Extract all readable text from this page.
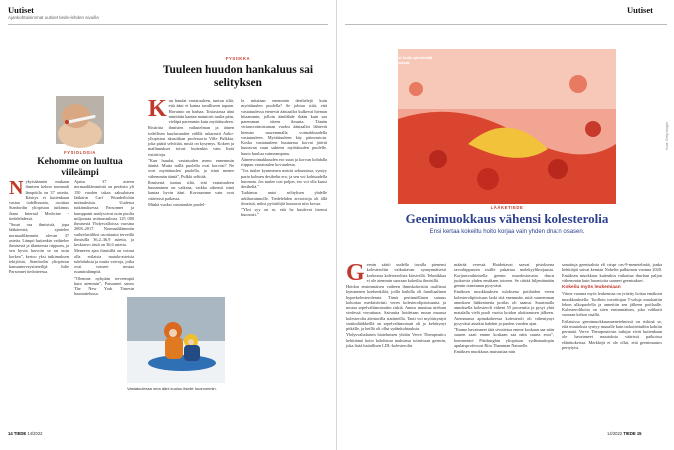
Uutiset
Ajankohtaisimmat uutiset tiede-lehden sivuilla
FYSIOLOGIA
Kehomme on luultua viileämpi
N ykyisäännön mukaan ihmisen kehon normaali lämpötila on 37 astetta. Käsitys ei kuitenkaan vastaa todellisuutta, osoittaa Stanfordin yliopiston tutkimus Jama Internal Medicine -tiedelehdessä.

”Suuri osa ihmisistä, jopa lääkäreistä, ajattelee normaalilämmön olevan 37 astetta. Lämpö kuitenkin vaihtelee ihmisestä ja tilanteesta riippuen, ja sen hyvin harvoin se on noin korkea”, kertoo yksi tutkimuksen tekijöistä, Stanfordin yliopiston kansanterveystieteilijä Julie Parsonnet tiedotteessa.

Ajatus 37 asteen normaalilämmöstä on peräisin yli 150 vuoden takaa saksalaisen lääkärin Carl Wunderlichin mittauksista. Uudessa tutkimuksessa Parsonnet ja kumppanit analysoivat noin puolta miljoonaa mittaustulosta 125 000 ihmisestä Yhdysvalloissa vuosina 2008–2017. Normaalilämmön vaihteluväliksi osoittautui terveillä ihmisillä 36,2–36,9 astetta, ja keskiarvo tästä on 36,6 astetta.

Meneeen ajan ihmisillä on voinut olla erilaisia matala-asteisia tulehduksia ja muita vaivoja, jotka ovat voineet nostaa ruumiinlämpöä.

”Olemme nykyään terveempiä kuin aiemmin”, Parsonnet sanoo The New York Timesin haastattelussa.

FYSIIKKA
Tuuleen huudon hankaluus sai selityksen
K un huudat vastatuuleen, tuntuu siltä, että ääni ei kanna tavalliseen tapaan. Havainto on harhaa. Tosiasiassa ääni nimittäin kantaa mainiosti tuulta päin, vieläpä paremmin kuin myötätuuleen.

Ristiriita ihmisten vaikutelman ja äänen todellisen kuuluvuuden välillä askarrutti Aalto-yliopiston akustiikan professoria Ville Pulkkia, joka päätti selvittää, mistä on kysymys. Kokeet ja mallinnukset toivat kuitenkin vain lisää ristiriitoja.

”Kun huudat, vastatuulen meno ennemmin äänitä. Mutta millä puolella ovat korvasi? Ne ovat myötätuulen puolella, ja siinä menee vähemmän ääntä”, Pulkki selittää.

Ihmisestä tuntuu siltä, että vastatuuleen huutaminen on vaikeaa, vaikka oikeasti siinä kantaa hyvin ääni. Korvaamme vain ovat vääriessä paikassa.

Minkä vuoksi vastatuulen puolel-

la mitataan enemmän desibelejä kuin myötätuulen puolella? Se johtuu siitä, että vastatuulessa etenevät ääniaallot kulkevat hieman hitaammin, jolloin äänilähde ikään kuin saa paremman otteen ilmasta. Tämän virtausvoimistuman vuoksi ääniaallot lähtevät hieman suuremmalla voimakkuudella vastatuuleen. Myötätuuleen käy päinvastoin. Koska vastatuuleen huutaessa korvat jäävät huutavan suun suhteen myötätuulen puolelle, huuto kuuluu vaimeampana.

Äänenvoimakkuuden ero suun ja korvan kohdalla riippuu vastatuulen kovuudesta.

”Jos tuulee kymmenen metriä sekunnissa, syntyy parin kolmen desibelin ero, ja sen voi kohtuudella huomata. Jos tuulee tosi paljon, ero voi olla kuusi desibeliä.”

Tutkimus antoi selityksen yhdelle arkihavainnolle. Tiedelehden arvioitsija oli ällä ilmeistä, miksi pyöräilijät huutavat niin kovaa.

”Yksi syy on se, että he kuulevat itsensä huonosti.”

Vastatuulessa oma ääni kuuluu itselle huonommin.
14 TIEDE 14/2022
Uutiset
Uusi hoito pienentää tukoksia.
Kuva: Getty Images
LÄÄKETIEDE
Geenimuokkaus vähensi kolesterolia
Ensi kertaa kokeiltu hoito korjaa vain yhden dna:n osasen.
G eenin säätö uudella tavalla pienensi kolesteroliin vaikuttavan synnynnäisesti korkeasta kolesterolista kärsivillä. Tekniikkaa ei ole aiemmin suoraan kokeiltu ihmisillä.

Hoidon ensimmäisen vaiheen ihmiskokeisiin osallistui kymmenen koehenkilöä, joilla kaikilla oli familiaalinen hyperkolesterolemia. Tämä periinnöllinen sairaus kohottaa merkittävästi veren kolesterolipitoisuutta ja nostaa sepelvaltimotautiin riskiä. Annos muuttaa nieluun viedessä verrattuna. Sairautta hoidetaan muun muassa kolesterolia alentavilla statiineilla. Tauti voi myötäsyntyä statiinilääkkeillä on sepelvaltimotauti oli jo kehittynyt pitkälle, ja heillä oli ollut sydänkohtauksia.

Yhdysvaltalaisen bioteknisen yhtiön Verve Therapeutics kehittämä hoito kohdistuu maksassa toimivaan geeniin, joka lisää haitallisen LDL-kolesterolin

määrää veressä. Hoidettavat saavat pistoksena rasvahippusten sisälle pakattua molekyylikorjausta. Korjausvaihtoisella geenin muodostavasta dna:n juoksesta yhden emäksen toiseen. Se riittää hiljentämään geenin toiminnan pysyvästi.

Emäksen muokkauksen tuloksena potilaiden veren kolesterolipitoisuus laski sitä enemmän, mitä suuremman annoksen lääkeainetta potilas oli saanut. Suurimalla annoksella kolesteroli väheni 55 prosenttia ja pysyi yhtä matalalla vielä puoli vuotta hoidon aloittamisen jälkeen. Aiemmassa apinakokeessa kolesteroli oli vähentynyt pysyvästi ainakin kahden ja puolen vuoden ajan.

”Emme havainneet tätä sivutietoa emme koskaan saa näin suuren saati emme koskaan saa näin suurta eroa”, kommentoi Pittsburghin yliopiston sydäntautiopin apulaisprofessori Ritu Thamman Naturelle.

Emäksen muokkaus muistuttaa niin

sanottuja geenisaksia eli crispr cas-9-menetelmää, jonka kehittäjät saivat kemian Nobelin palkinnon vuonna 2020. Emäksen muokkaus kuitenkin vaikuttaa dna:han paljon vähemmän kuin huomioita saaneet geenisakset.

Kokeilu myös leukemiaan

Viime vuonna myös leukemiaa on yritetty hoitaa emäksen muokkauksella. Tuolloin tuvoittujan T-soluja muokattiin lehon ulkopuolella ja annettiin sen jälkeen potilaalle. Kolesterolihoito on siten ensimmäinen, joka valikutti suoraan kehon sisällä.

Erilaisissa geenimuokkausmenetelmissä on riskinä se, että muutoksia syntyy muualle kuin tarkoitettuihin kohtiin perimää. Verve Therapeuticsin tutkijat eivät kuitenkaan ole havainneet muutoksia väärissä paikoissa eläinkokeissa. Merkkejä ei ole ollut, että geenimuutos periytyisi.

14/2022 TIEDE 15
